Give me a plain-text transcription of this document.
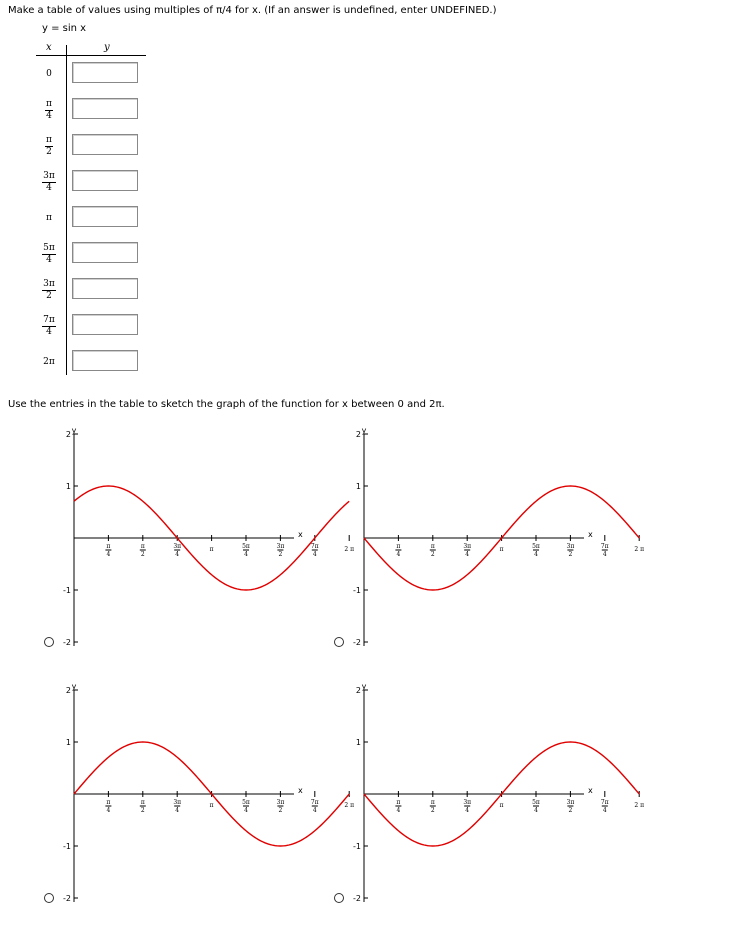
Make a table of values using multiples of π/4 for x. (If an answer is undefined, enter UNDEFINED.)
y = sin x
x	y
0
$\frac{\pi}{4}$
$\frac{\pi}{2}$
$\frac{3\pi}{4}$
π
$\frac{5\pi}{4}$
$\frac{3\pi}{2}$
$\frac{7\pi}{4}$
2π
Use the entries in the table to sketch the graph of the function for x between 0 and 2π.
y
x
2
1
-1
-2
π
4
π
2
3π
4
π	5π
4
3π
2
7π
4
2 π
y
x
2
1
-1
-2
π
4
π
2
3π
4
π	5π
4
3π
2
7π
4
2 π
y
x
2
1
-1
-2
π
4
π
2
3π
4
π	5π
4
3π
2
7π
4
2 π
y
x
2
1
-1
-2
π
4
π
2
3π
4
π	5π
4
3π
2
7π
4
2 π
